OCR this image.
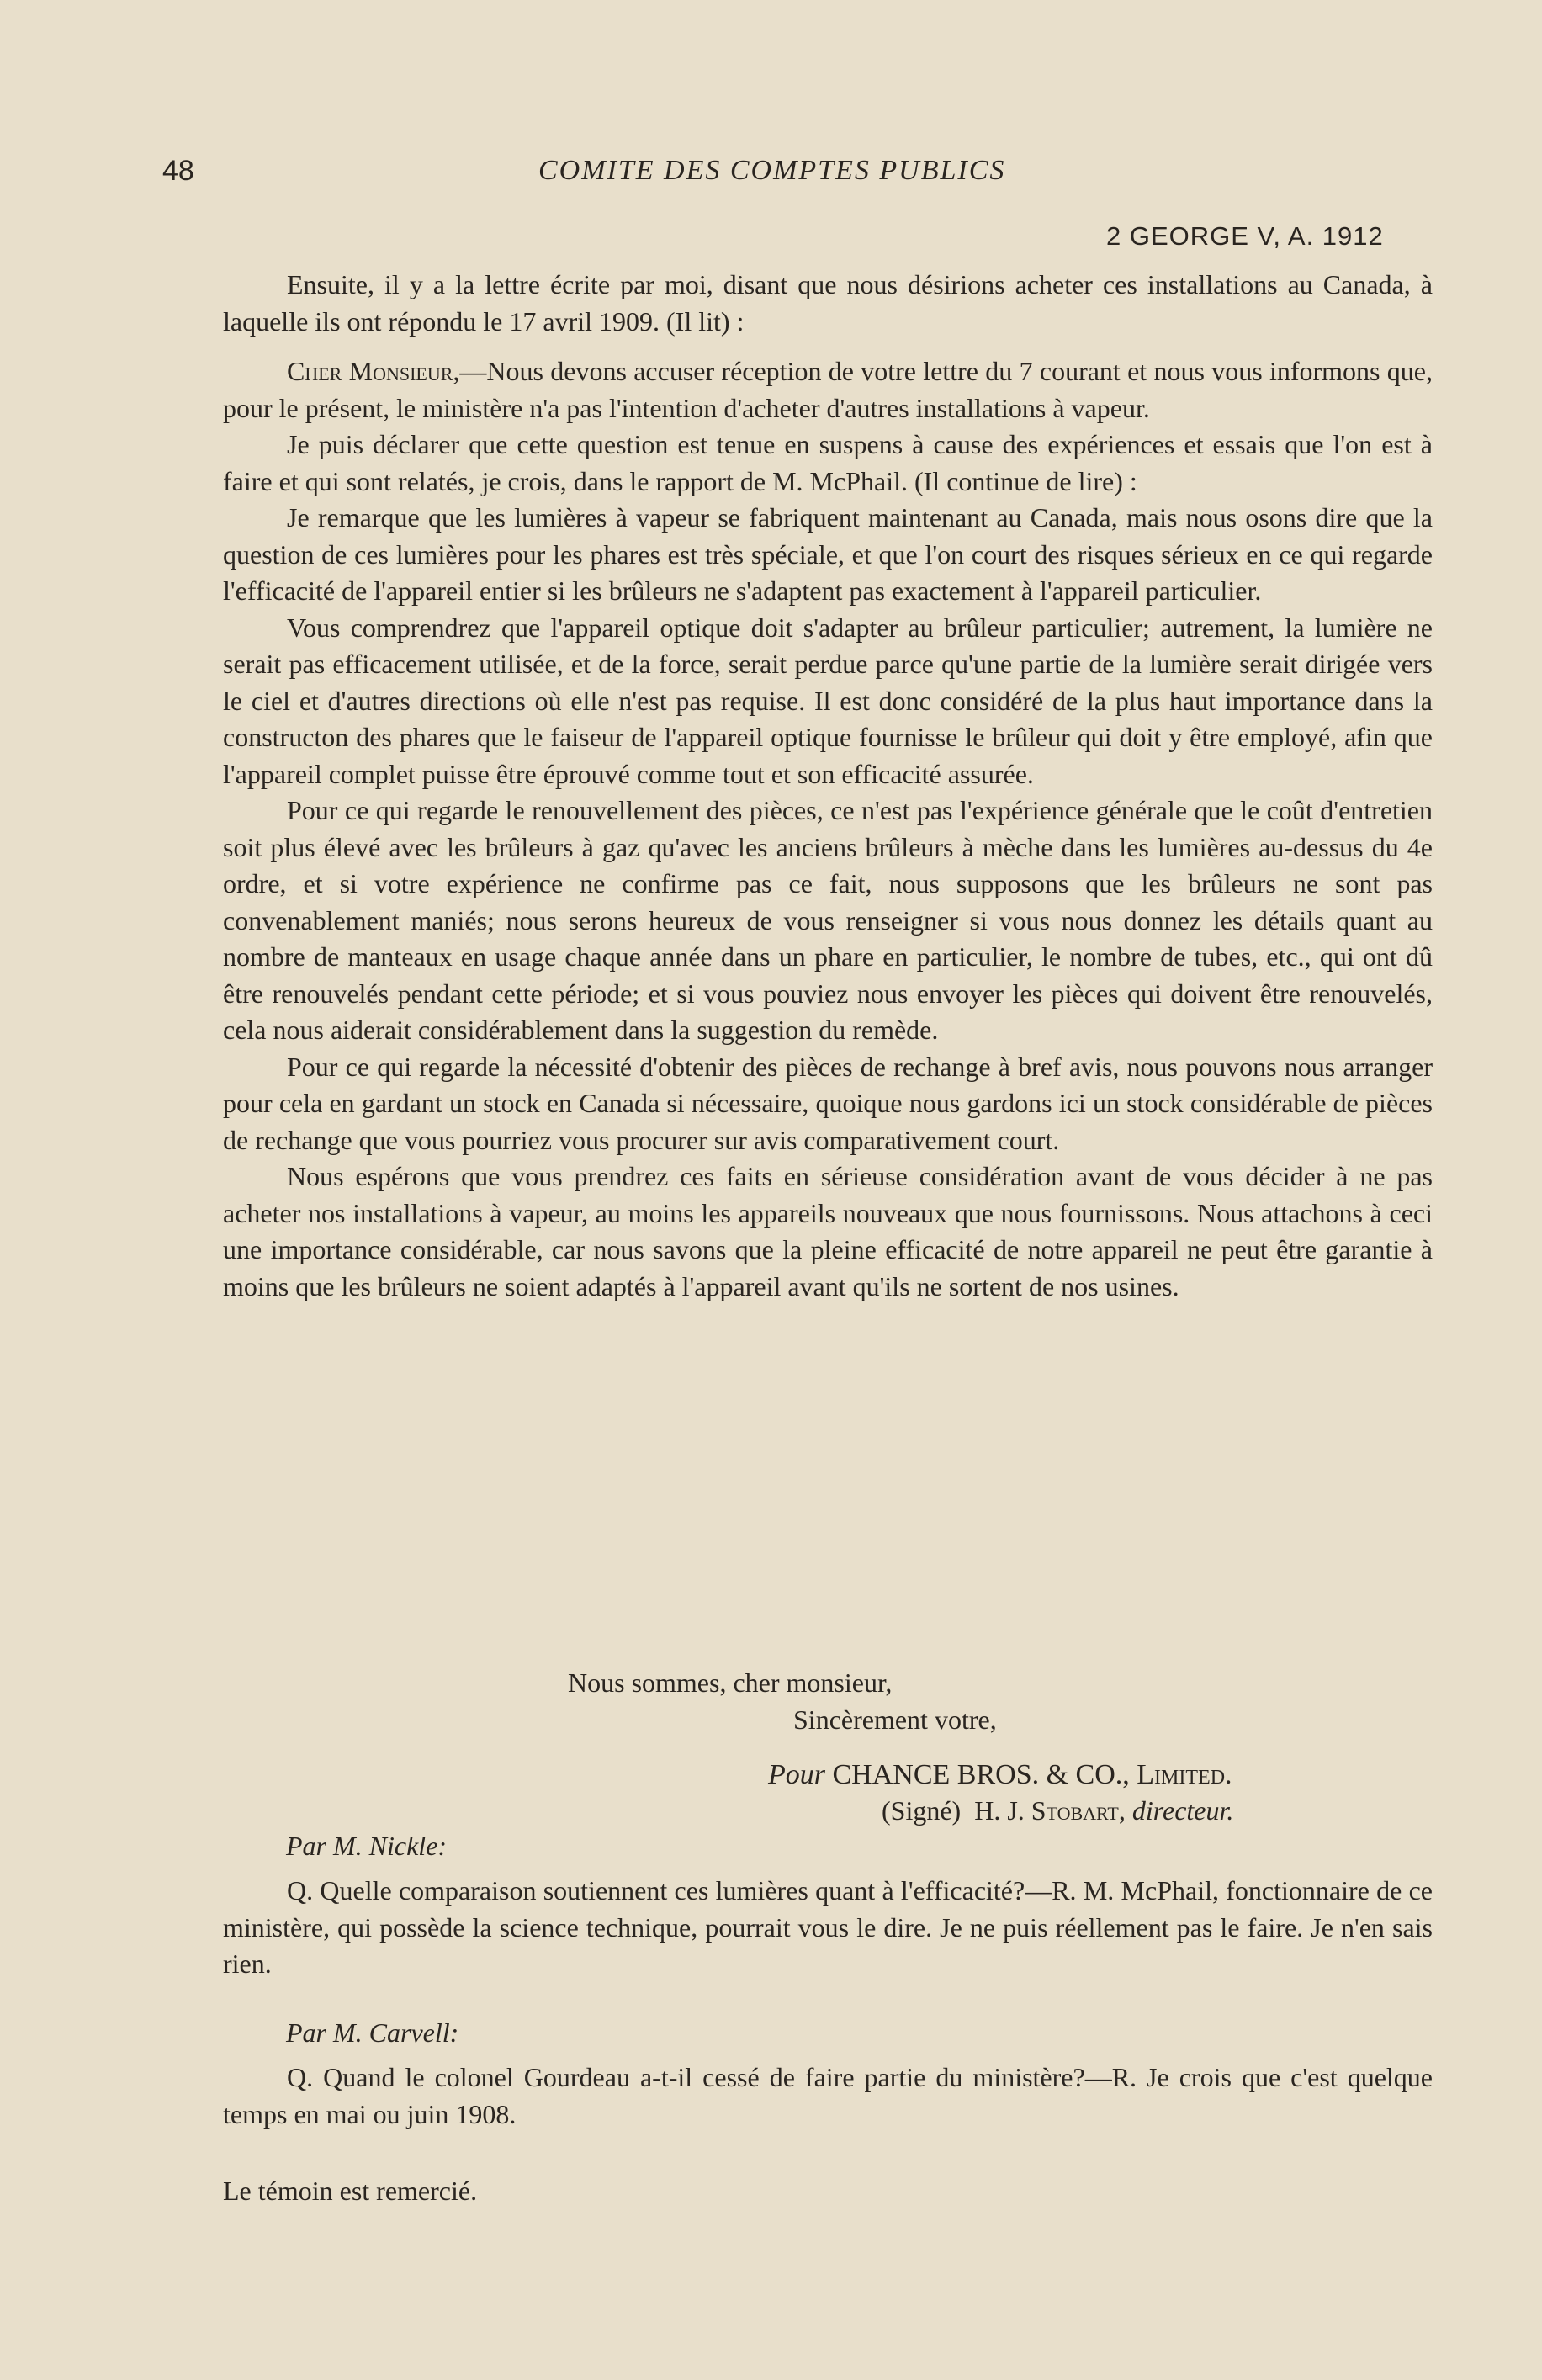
48	COMITE DES COMPTES PUBLICS
2 GEORGE V, A. 1912

Ensuite, il y a la lettre écrite par moi, disant que nous désirions acheter ces installations au Canada, à laquelle ils ont répondu le 17 avril 1909. (Il lit) :

Cher Monsieur,—Nous devons accuser réception de votre lettre du 7 courant et nous vous informons que, pour le présent, le ministère n'a pas l'intention d'acheter d'autres installations à vapeur.

Je puis déclarer que cette question est tenue en suspens à cause des expériences et essais que l'on est à faire et qui sont relatés, je crois, dans le rapport de M. McPhail. (Il continue de lire) :

Je remarque que les lumières à vapeur se fabriquent maintenant au Canada, mais nous osons dire que la question de ces lumières pour les phares est très spéciale, et que l'on court des risques sérieux en ce qui regarde l'efficacité de l'appareil entier si les brûleurs ne s'adaptent pas exactement à l'appareil particulier.

Vous comprendrez que l'appareil optique doit s'adapter au brûleur particulier; autrement, la lumière ne serait pas efficacement utilisée, et de la force, serait perdue parce qu'une partie de la lumière serait dirigée vers le ciel et d'autres directions où elle n'est pas requise. Il est donc considéré de la plus haut importance dans la constructon des phares que le faiseur de l'appareil optique fournisse le brûleur qui doit y être employé, afin que l'appareil complet puisse être éprouvé comme tout et son efficacité assurée.

Pour ce qui regarde le renouvellement des pièces, ce n'est pas l'expérience générale que le coût d'entretien soit plus élevé avec les brûleurs à gaz qu'avec les anciens brûleurs à mèche dans les lumières au-dessus du 4e ordre, et si votre expérience ne confirme pas ce fait, nous supposons que les brûleurs ne sont pas convenablement maniés; nous serons heureux de vous renseigner si vous nous donnez les détails quant au nombre de manteaux en usage chaque année dans un phare en particulier, le nombre de tubes, etc., qui ont dû être renouvelés pendant cette période; et si vous pouviez nous envoyer les pièces qui doivent être renouvelés, cela nous aiderait considérablement dans la suggestion du remède.

Pour ce qui regarde la nécessité d'obtenir des pièces de rechange à bref avis, nous pouvons nous arranger pour cela en gardant un stock en Canada si nécessaire, quoique nous gardons ici un stock considérable de pièces de rechange que vous pourriez vous procurer sur avis comparativement court.

Nous espérons que vous prendrez ces faits en sérieuse considération avant de vous décider à ne pas acheter nos installations à vapeur, au moins les appareils nouveaux que nous fournissons. Nous attachons à ceci une importance considérable, car nous savons que la pleine efficacité de notre appareil ne peut être garantie à moins que les brûleurs ne soient adaptés à l'appareil avant qu'ils ne sortent de nos usines.

Nous sommes, cher monsieur,
Sincèrement votre,
Pour CHANCE BROS. & CO., Limited.
(Signé) H. J. Stobart, directeur.
Par M. Nickle:

Q. Quelle comparaison soutiennent ces lumières quant à l'efficacité?—R. M. McPhail, fonctionnaire de ce ministère, qui possède la science technique, pourrait vous le dire. Je ne puis réellement pas le faire. Je n'en sais rien.

Par M. Carvell:

Q. Quand le colonel Gourdeau a-t-il cessé de faire partie du ministère?—R. Je crois que c'est quelque temps en mai ou juin 1908.

Le témoin est remercié.
